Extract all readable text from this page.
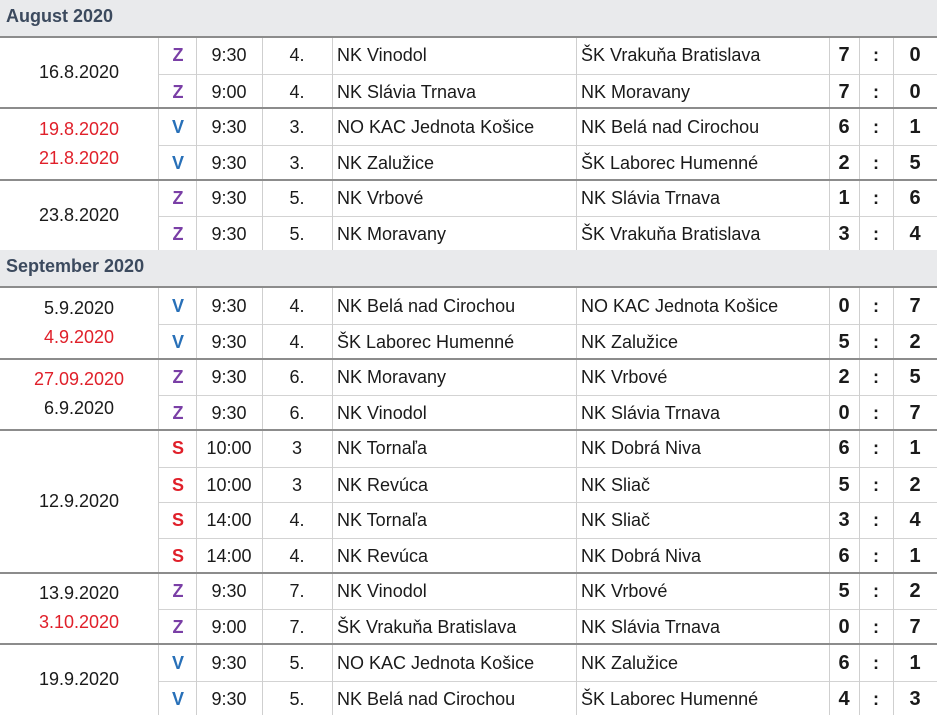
August 2020
16.8.2020
Z	9:30	4.	NK Vinodol	ŠK Vrakuňa Bratislava	7	:	0
Z	9:00	4.	NK Slávia Trnava	NK Moravany	7	:	0
19.8.2020
21.8.2020
V	9:30	3.	NO KAC Jednota Košice	NK Belá nad Cirochou	6	:	1
V	9:30	3.	NK Zalužice	ŠK Laborec Humenné	2	:	5
23.8.2020
Z	9:30	5.	NK Vrbové	NK Slávia Trnava	1	:	6
Z	9:30	5.	NK Moravany	ŠK Vrakuňa Bratislava	3	:	4
September 2020
5.9.2020
4.9.2020
V	9:30	4.	NK Belá nad Cirochou	NO KAC Jednota Košice	0	:	7
V	9:30	4.	ŠK Laborec Humenné	NK Zalužice	5	:	2
27.09.2020
6.9.2020
Z	9:30	6.	NK Moravany	NK Vrbové	2	:	5
Z	9:30	6.	NK Vinodol	NK Slávia Trnava	0	:	7
12.9.2020
S	10:00	3	NK Tornaľa	NK Dobrá Niva	6	:	1
S	10:00	3	NK Revúca	NK Sliač	5	:	2
S	14:00	4.	NK Tornaľa	NK Sliač	3	:	4
S	14:00	4.	NK Revúca	NK Dobrá Niva	6	:	1
13.9.2020
3.10.2020
Z	9:30	7.	NK Vinodol	NK Vrbové	5	:	2
Z	9:00	7.	ŠK Vrakuňa Bratislava	NK Slávia Trnava	0	:	7
19.9.2020
V	9:30	5.	NO KAC Jednota Košice	NK Zalužice	6	:	1
V	9:30	5.	NK Belá nad Cirochou	ŠK Laborec Humenné	4	:	3
